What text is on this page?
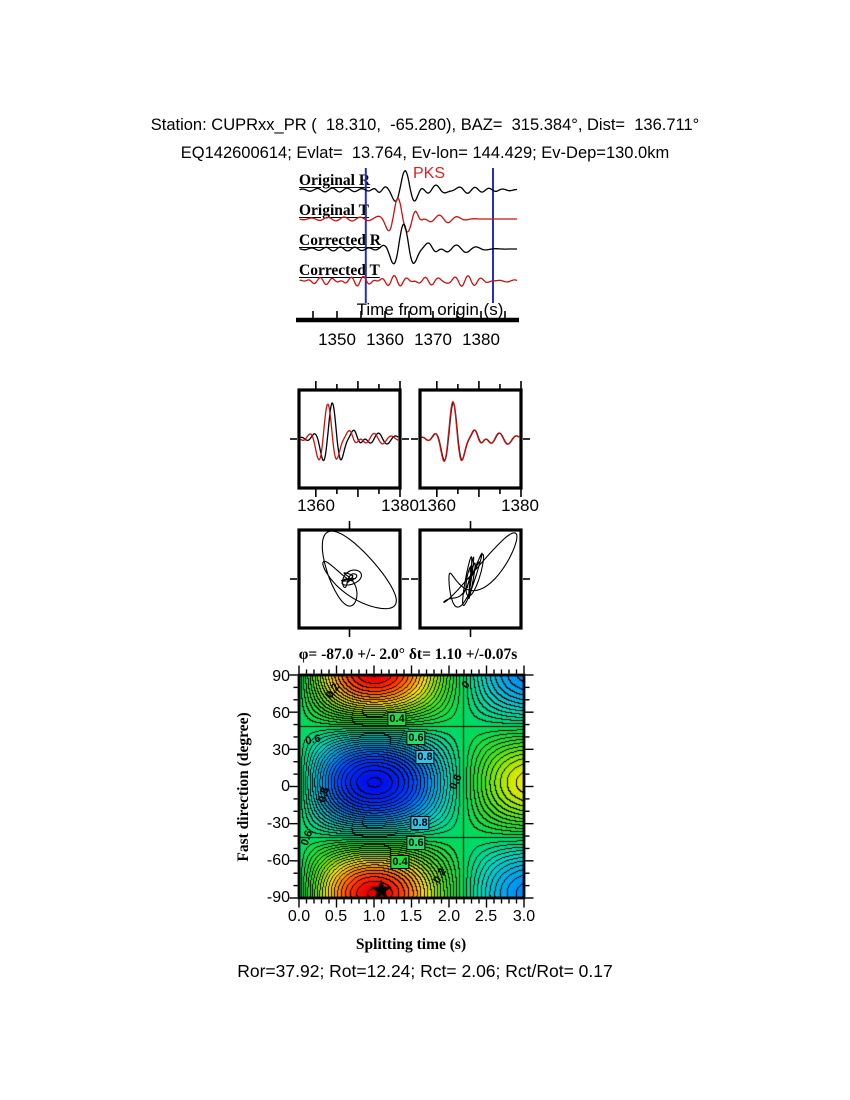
Station: CUPRxx_PR (  18.310,  -65.280), BAZ=  315.384°, Dist=  136.711°
EQ142600614; Evlat=  13.764, Ev-lon= 144.429; Ev-Dep=130.0km
PKS
Original R
Original T
Corrected R
Corrected T
Time from origin (s)
1350 1360 1370 1380
1360	1380 1360	1380
φ= -87.0 +/- 2.0° δt= 1.10 +/-0.07s
Fast direction (degree)
90
60
30
0
-30
-60
-90
0.0 0.5 1.0 1.5 2.0 2.5 3.0
Splitting time (s)
Ror=37.92; Rot=12.24; Rct= 2.06; Rct/Rot= 0.17
0.2
0.4
0.6
0.8
0.6
0
0.6
0.8
0.8
0.6
0.4
0.2
0.6
